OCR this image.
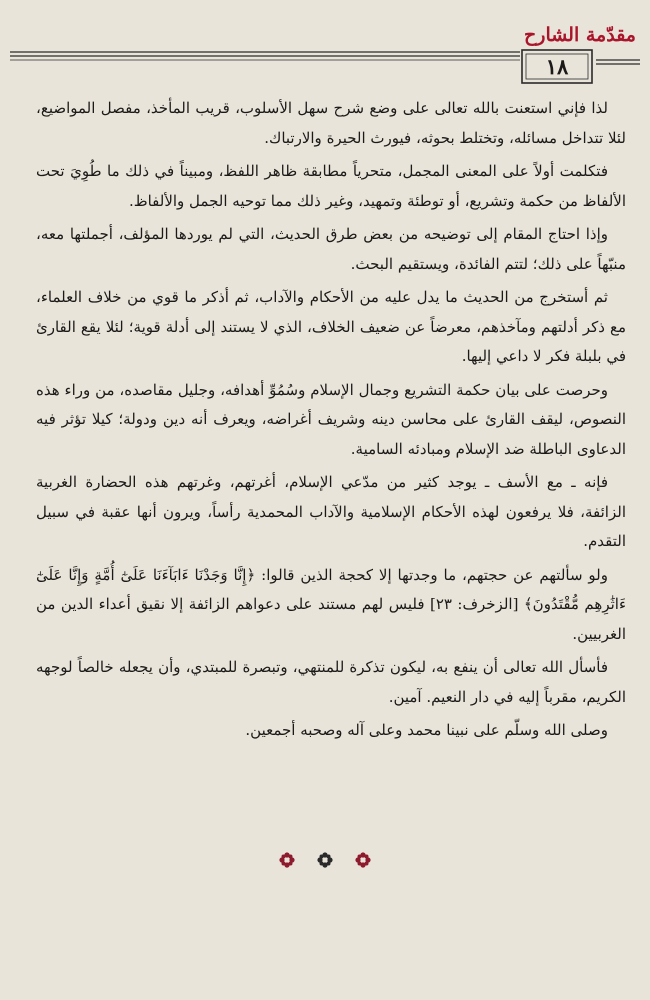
مقدّمة الشارح
١٨

لذا فإني استعنت بالله تعالى على وضع شرح سهل الأسلوب، قريب المأخذ، مفصل المواضيع، لئلا تتداخل مسائله، وتختلط بحوثه، فيورث الحيرة والارتباك.

فتكلمت أولاً على المعنى المجمل، متحرياً مطابقة ظاهر اللفظ، ومبيناً في ذلك ما طُوِيَ تحت الألفاظ من حكمة وتشريع، أو توطئة وتمهيد، وغير ذلك مما توحيه الجمل والألفاظ.

وإذا احتاج المقام إلى توضيحه من بعض طرق الحديث، التي لم يوردها المؤلف، أجملتها معه، منبّهاً على ذلك؛ لتتم الفائدة، ويستقيم البحث.

ثم أستخرج من الحديث ما يدل عليه من الأحكام والآداب، ثم أذكر ما قوي من خلاف العلماء، مع ذكر أدلتهم ومآخذهم، معرضاً عن ضعيف الخلاف، الذي لا يستند إلى أدلة قوية؛ لئلا يقع القارئ في بلبلة فكر لا داعي إليها.

وحرصت على بيان حكمة التشريع وجمال الإسلام وسُمُوِّ أهدافه، وجليل مقاصده، من وراء هذه النصوص، ليقف القارئ على محاسن دينه وشريف أغراضه، ويعرف أنه دين ودولة؛ كيلا تؤثر فيه الدعاوى الباطلة ضد الإسلام ومبادئه السامية.

فإنه ـ مع الأسف ـ يوجد كثير من مدّعي الإسلام، أغرتهم، وغرتهم هذه الحضارة الغربية الزائفة، فلا يرفعون لهذه الأحكام الإسلامية والآداب المحمدية رأساً، ويرون أنها عقبة في سبيل التقدم.

ولو سألتهم عن حجتهم، ما وجدتها إلا كحجة الذين قالوا: ﴿إِنَّا وَجَدْنَا ءَابَآءَنَا عَلَىٰٓ أُمَّةٍ وَإِنَّا عَلَىٰٓ ءَاثَٰرِهِم مُّقْتَدُونَ﴾ [الزخرف: ٢٣] فليس لهم مستند على دعواهم الزائفة إلا نقيق أعداء الدين من الغربيين.

فأسأل الله تعالى أن ينفع به، ليكون تذكرة للمنتهي، وتبصرة للمبتدي، وأن يجعله خالصاً لوجهه الكريم، مقرباً إليه في دار النعيم. آمين.

وصلى الله وسلّم على نبينا محمد وعلى آله وصحبه أجمعين.
